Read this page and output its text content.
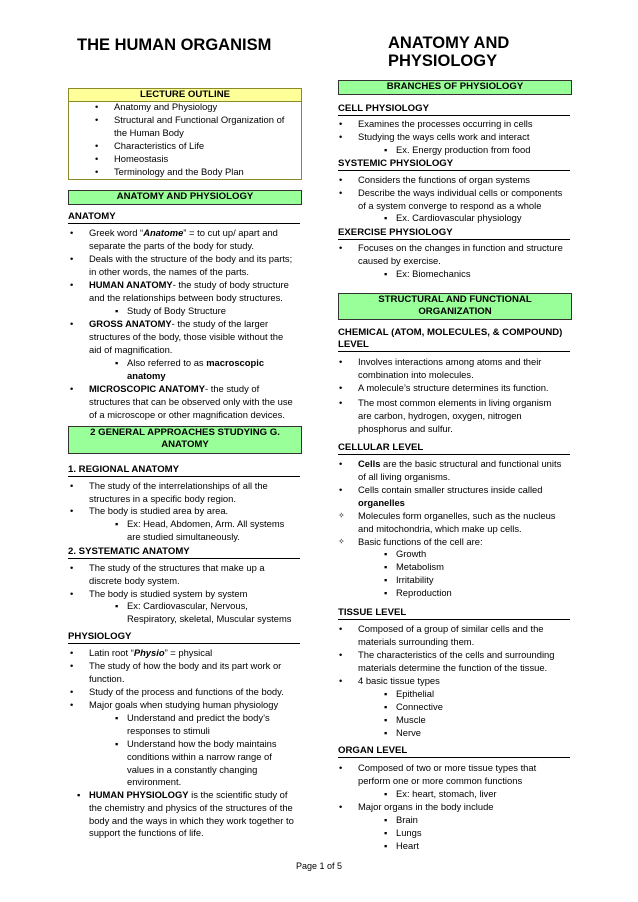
THE HUMAN ORGANISM	ANATOMY AND
PHYSIOLOGY
LECTURE OUTLINE
• Anatomy and Physiology
• Structural and Functional Organization of
the Human Body
• Characteristics of Life
• Homeostasis
• Terminology and the Body Plan
ANATOMY AND PHYSIOLOGY
ANATOMY
• Greek word “Anatome” = to cut up/ apart and
separate the parts of the body for study.
• Deals with the structure of the body and its parts;
in other words, the names of the parts.
• HUMAN ANATOMY- the study of body structure
and the relationships between body structures.
▪ Study of Body Structure
• GROSS ANATOMY- the study of the larger
structures of the body, those visible without the
aid of magnification.
▪ Also referred to as macroscopic
anatomy
• MICROSCOPIC ANATOMY- the study of
structures that can be observed only with the use
of a microscope or other magnification devices.
2 GENERAL APPROACHES STUDYING G.
ANATOMY
1. REGIONAL ANATOMY
• The study of the interrelationships of all the
structures in a specific body region.
• The body is studied area by area.
▪ Ex: Head, Abdomen, Arm. All systems
are studied simultaneously.
2. SYSTEMATIC ANATOMY
• The study of the structures that make up a
discrete body system.
• The body is studied system by system
▪ Ex: Cardiovascular, Nervous,
Respiratory, skeletal, Muscular systems
PHYSIOLOGY
• Latin root “Physio” = physical
• The study of how the body and its part work or
function.
• Study of the process and functions of the body.
• Major goals when studying human physiology
▪ Understand and predict the body’s
responses to stimuli
▪ Understand how the body maintains
conditions within a narrow range of
values in a constantly changing
environment.
▪ HUMAN PHYSIOLOGY is the scientific study of
the chemistry and physics of the structures of the
body and the ways in which they work together to
support the functions of life.
BRANCHES OF PHYSIOLOGY
CELL PHYSIOLOGY
• Examines the processes occurring in cells
• Studying the ways cells work and interact
▪ Ex. Energy production from food
SYSTEMIC PHYSIOLOGY
• Considers the functions of organ systems
• Describe the ways individual cells or components
of a system converge to respond as a whole
▪ Ex. Cardiovascular physiology
EXERCISE PHYSIOLOGY
• Focuses on the changes in function and structure
caused by exercise.
▪ Ex: Biomechanics
STRUCTURAL AND FUNCTIONAL
ORGANIZATION
CHEMICAL (ATOM, MOLECULES, & COMPOUND)
LEVEL
• Involves interactions among atoms and their
combination into molecules.
• A molecule’s structure determines its function.
• The most common elements in living organism
are carbon, hydrogen, oxygen, nitrogen
phosphorus and sulfur.
CELLULAR LEVEL
• Cells are the basic structural and functional units
of all living organisms.
• Cells contain smaller structures inside called
organelles
✧ Molecules form organelles, such as the nucleus
and mitochondria, which make up cells.
✧ Basic functions of the cell are:
▪ Growth
▪ Metabolism
▪ Irritability
▪ Reproduction
TISSUE LEVEL
• Composed of a group of similar cells and the
materials surrounding them.
• The characteristics of the cells and surrounding
materials determine the function of the tissue.
• 4 basic tissue types
▪ Epithelial
▪ Connective
▪ Muscle
▪ Nerve
ORGAN LEVEL
• Composed of two or more tissue types that
perform one or more common functions
▪ Ex: heart, stomach, liver
• Major organs in the body include
▪ Brain
▪ Lungs
▪ Heart
Page 1 of 5
